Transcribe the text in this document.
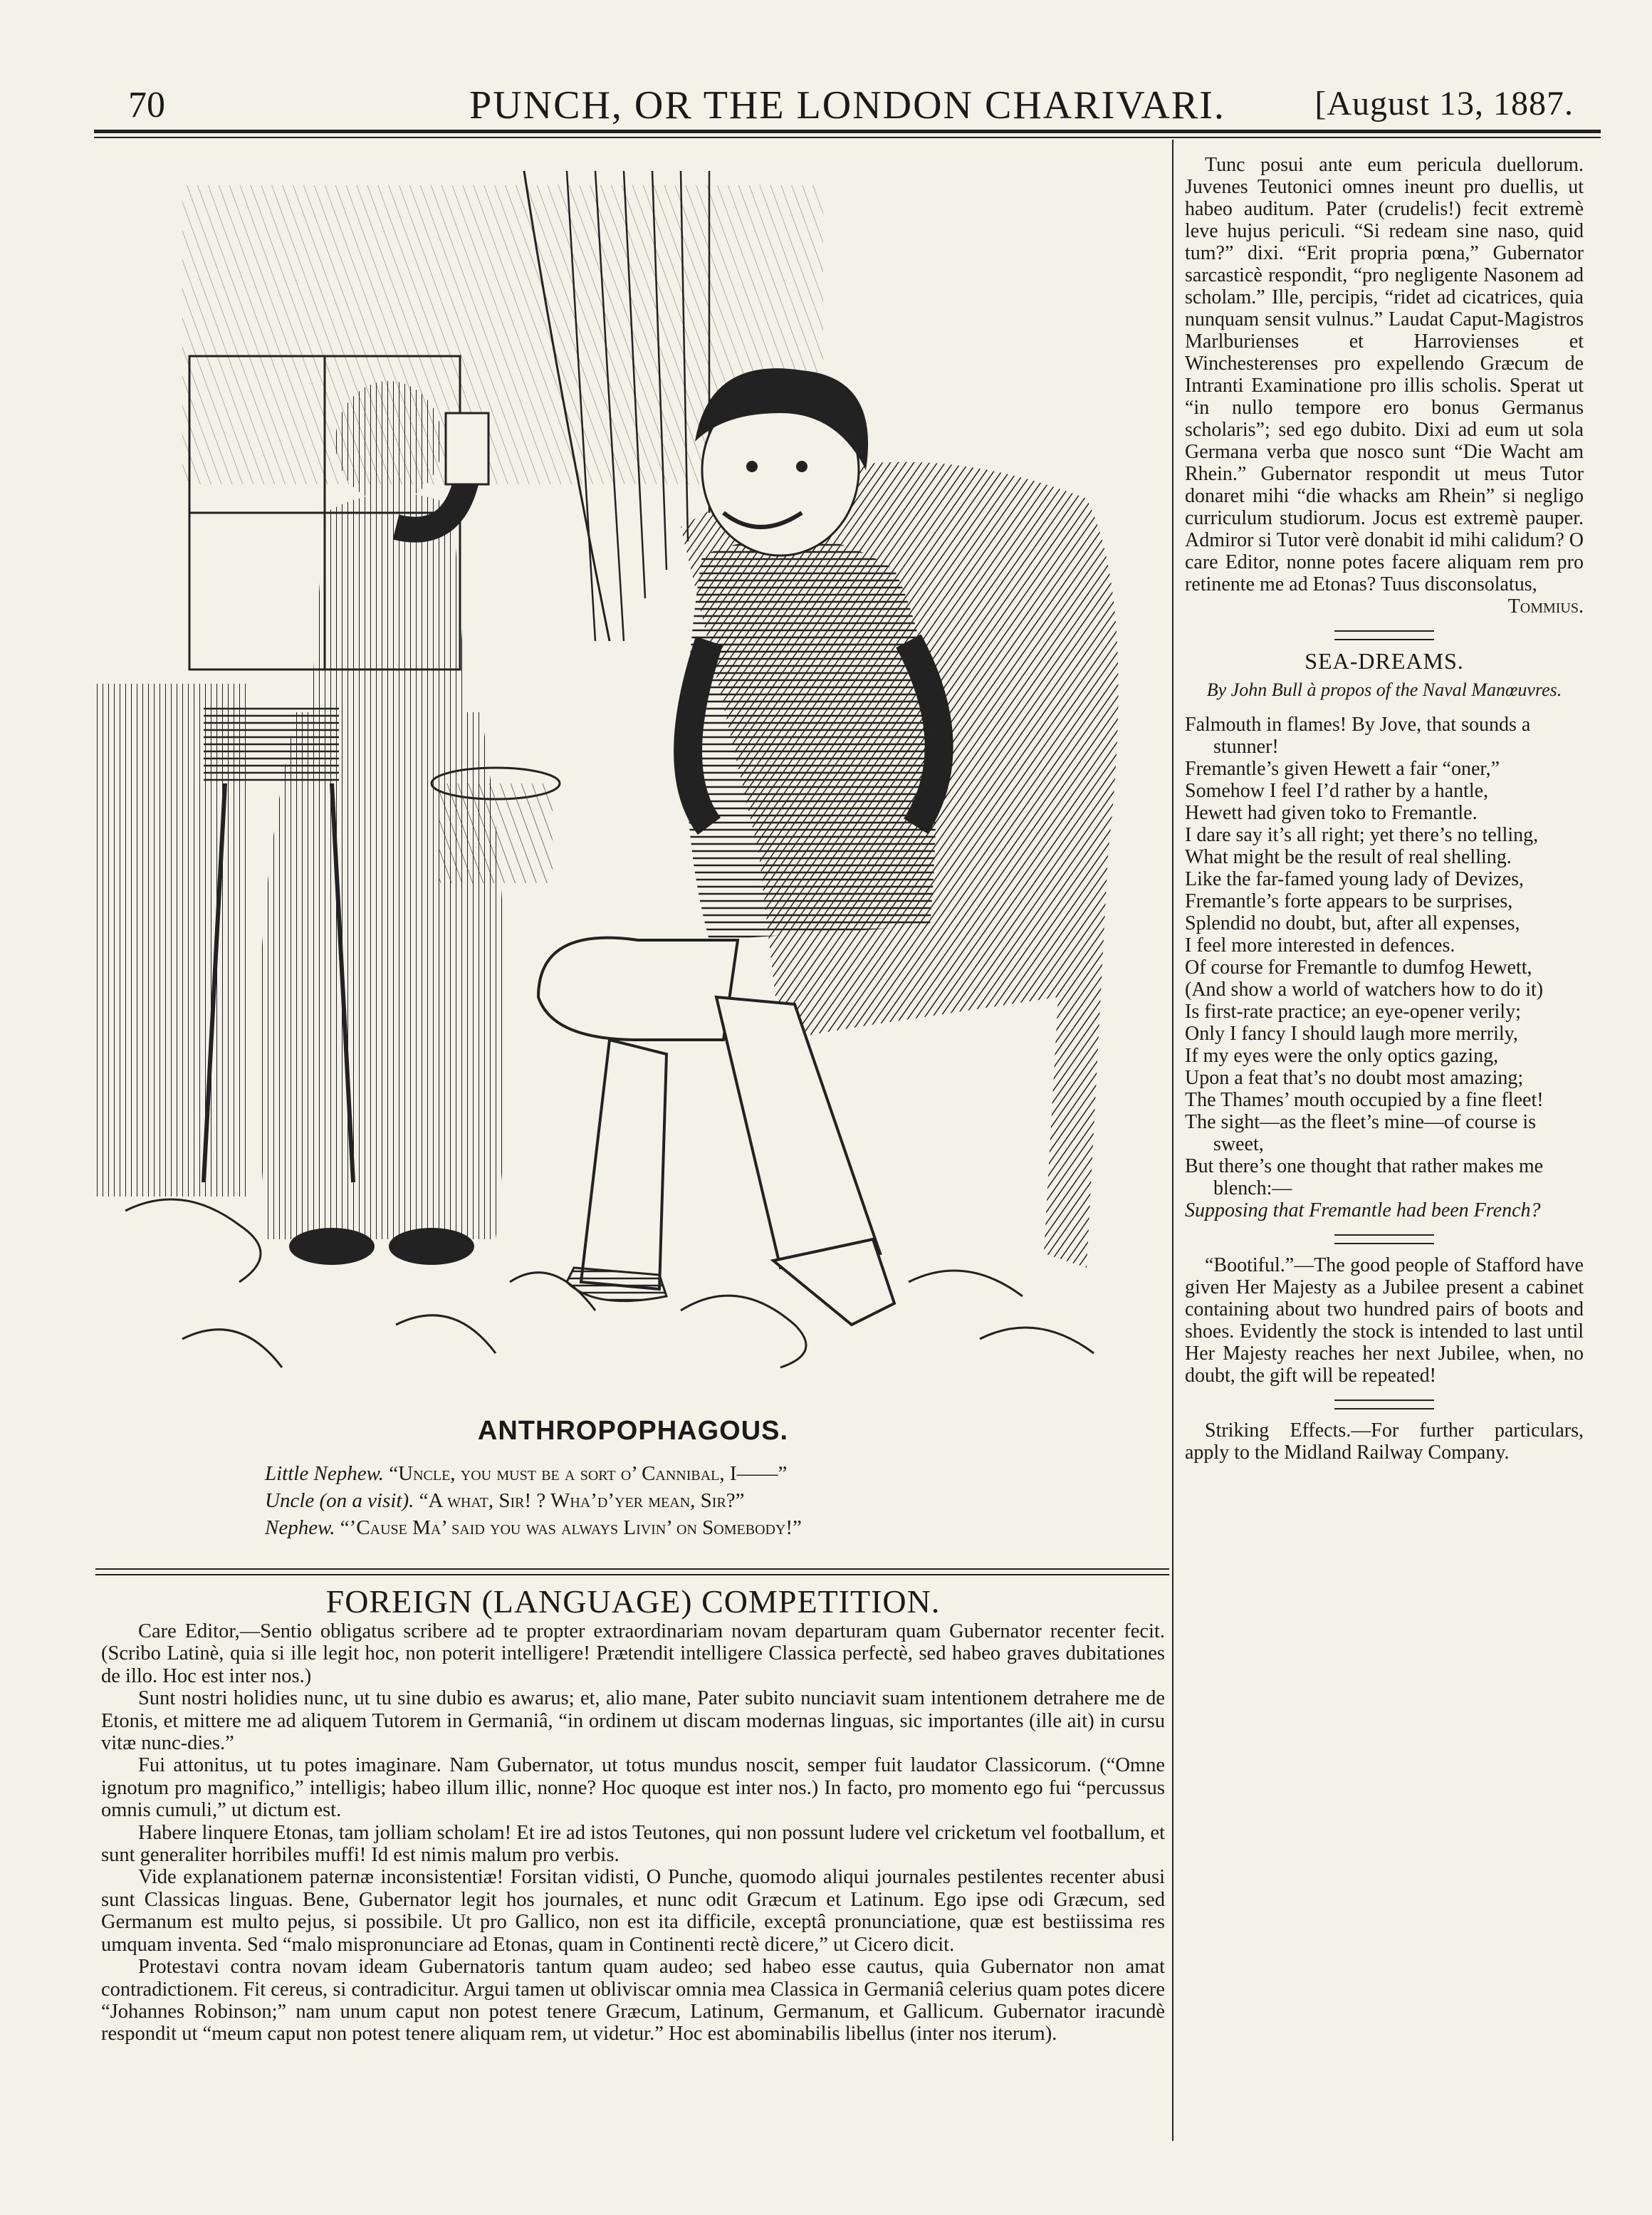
70	PUNCH, OR THE LONDON CHARIVARI.	[August 13, 1887.
ANTHROPOPHAGOUS.
Little Nephew. “Uncle, you must be a sort o’ Cannibal, I——”
Uncle (on a visit). “A what, Sir! ? Wha’d’yer mean, Sir?”
Nephew. “’Cause Ma’ said you was always Livin’ on Somebody!”
FOREIGN (LANGUAGE) COMPETITION.

Care Editor,—Sentio obligatus scribere ad te propter extraordinariam novam departuram quam Gubernator recenter fecit. (Scribo Latinè, quia si ille legit hoc, non poterit intelligere! Prætendit intelligere Classica perfectè, sed habeo graves dubitationes de illo. Hoc est inter nos.)

Sunt nostri holidies nunc, ut tu sine dubio es awarus; et, alio mane, Pater subito nunciavit suam intentionem detrahere me de Etonis, et mittere me ad aliquem Tutorem in Germaniâ, “in ordinem ut discam modernas linguas, sic importantes (ille ait) in cursu vitæ nunc-dies.”

Fui attonitus, ut tu potes imaginare. Nam Gubernator, ut totus mundus noscit, semper fuit laudator Classicorum. (“Omne ignotum pro magnifico,” intelligis; habeo illum illic, nonne? Hoc quoque est inter nos.) In facto, pro momento ego fui “percussus omnis cumuli,” ut dictum est.

Habere linquere Etonas, tam jolliam scholam! Et ire ad istos Teutones, qui non possunt ludere vel cricketum vel footballum, et sunt generaliter horribiles muffi! Id est nimis malum pro verbis.

Vide explanationem paternæ inconsistentiæ! Forsitan vidisti, O Punche, quomodo aliqui journales pestilentes recenter abusi sunt Classicas linguas. Bene, Gubernator legit hos journales, et nunc odit Græcum et Latinum. Ego ipse odi Græcum, sed Germanum est multo pejus, si possibile. Ut pro Gallico, non est ita difficile, exceptâ pronunciatione, quæ est bestiissima res umquam inventa. Sed “malo mispronunciare ad Etonas, quam in Continenti rectè dicere,” ut Cicero dicit.

Protestavi contra novam ideam Gubernatoris tantum quam audeo; sed habeo esse cautus, quia Gubernator non amat contradictionem. Fit cereus, si contradicitur. Argui tamen ut obliviscar omnia mea Classica in Germaniâ celerius quam potes dicere “Johannes Robinson;” nam unum caput non potest tenere Græcum, Latinum, Germanum, et Gallicum. Gubernator iracundè respondit ut “meum caput non potest tenere aliquam rem, ut videtur.” Hoc est abominabilis libellus (inter nos iterum).

Tunc posui ante eum pericula duellorum. Juvenes Teutonici omnes ineunt pro duellis, ut habeo auditum. Pater (crudelis!) fecit extremè leve hujus periculi. “Si redeam sine naso, quid tum?” dixi. “Erit propria pœna,” Gubernator sarcasticè respondit, “pro negligente Nasonem ad scholam.” Ille, percipis, “ridet ad cicatrices, quia nunquam sensit vulnus.” Laudat Caput-Magistros Marlburienses et Harrovienses et Winchesterenses pro expellendo Græcum de Intranti Examinatione pro illis scholis. Sperat ut “in nullo tempore ero bonus Germanus scholaris”; sed ego dubito. Dixi ad eum ut sola Germana verba que nosco sunt “Die Wacht am Rhein.” Gubernator respondit ut meus Tutor donaret mihi “die whacks am Rhein” si negligo curriculum studiorum. Jocus est extremè pauper. Admiror si Tutor verè donabit id mihi calidum? O care Editor, nonne potes facere aliquam rem pro retinente me ad Etonas? Tuus disconsolatus,

Tommius.

SEA-DREAMS.
By John Bull à propos of the Naval Manœuvres.
Falmouth in flames! By Jove, that sounds a stunner!
Fremantle’s given Hewett a fair “oner,”
Somehow I feel I’d rather by a hantle,
Hewett had given toko to Fremantle.
I dare say it’s all right; yet there’s no telling,
What might be the result of real shelling.
Like the far-famed young lady of Devizes,
Fremantle’s forte appears to be surprises,
Splendid no doubt, but, after all expenses,
I feel more interested in defences.
Of course for Fremantle to dumfog Hewett,
(And show a world of watchers how to do it)
Is first-rate practice; an eye-opener verily;
Only I fancy I should laugh more merrily,
If my eyes were the only optics gazing,
Upon a feat that’s no doubt most amazing;
The Thames’ mouth occupied by a fine fleet!
The sight—as the fleet’s mine—of course is sweet,
But there’s one thought that rather makes me blench:—
Supposing that Fremantle had been French?

“Bootiful.”—The good people of Stafford have given Her Majesty as a Jubilee present a cabinet containing about two hundred pairs of boots and shoes. Evidently the stock is intended to last until Her Majesty reaches her next Jubilee, when, no doubt, the gift will be repeated!

Striking Effects.—For further particulars, apply to the Midland Railway Company.
